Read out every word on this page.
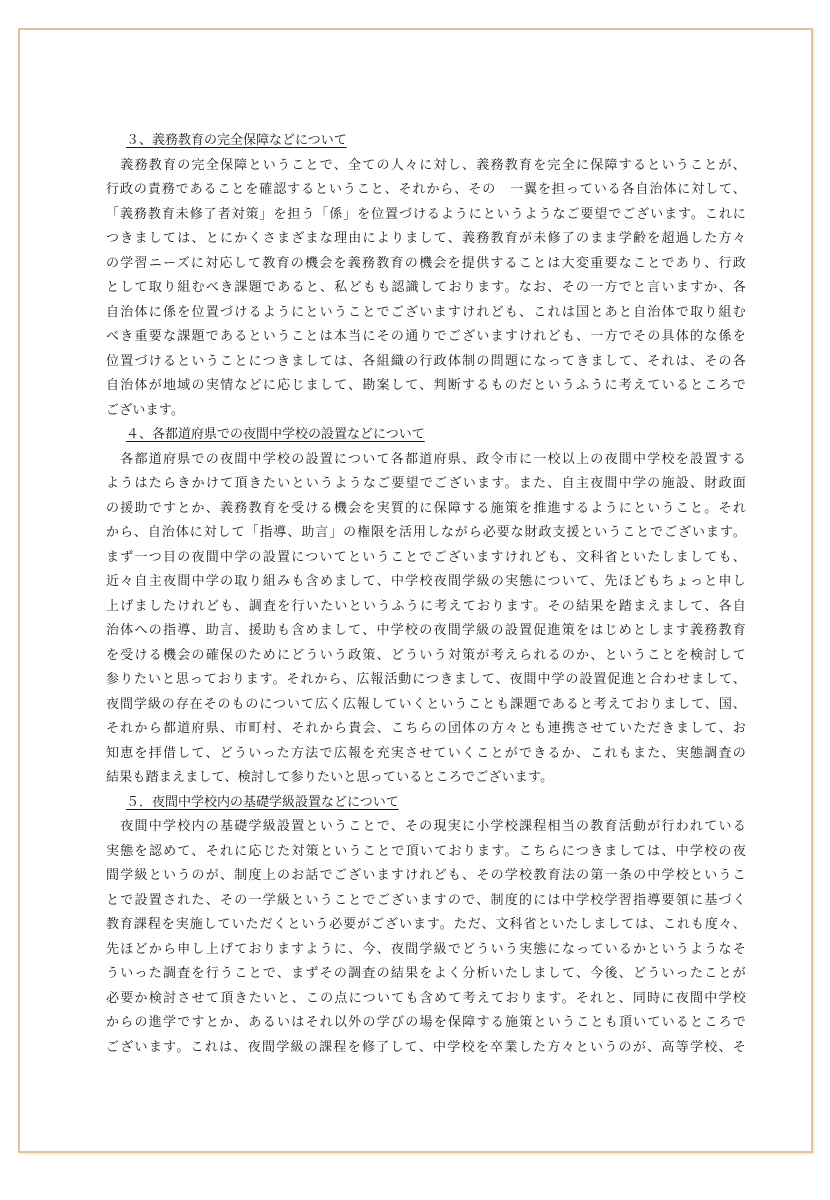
３、義務教育の完全保障などについて
　義務教育の完全保障ということで、全ての人々に対し、義務教育を完全に保障するということが、
行政の責務であることを確認するということ、それから、その　一翼を担っている各自治体に対して、
「義務教育未修了者対策」を担う「係」を位置づけるようにというようなご要望でございます。これに
つきましては、とにかくさまざまな理由によりまして、義務教育が未修了のまま学齢を超過した方々
の学習ニーズに対応して教育の機会を義務教育の機会を提供することは大変重要なことであり、行政
として取り組むべき課題であると、私どもも認識しております。なお、その一方でと言いますか、各
自治体に係を位置づけるようにということでございますけれども、これは国とあと自治体で取り組む
べき重要な課題であるということは本当にその通りでございますけれども、一方でその具体的な係を
位置づけるということにつきましては、各組織の行政体制の問題になってきまして、それは、その各
自治体が地域の実情などに応じまして、勘案して、判断するものだというふうに考えているところで
ございます。
４、各都道府県での夜間中学校の設置などについて
　各都道府県での夜間中学校の設置について各都道府県、政令市に一校以上の夜間中学校を設置する
ようはたらきかけて頂きたいというようなご要望でございます。また、自主夜間中学の施設、財政面
の援助ですとか、義務教育を受ける機会を実質的に保障する施策を推進するようにということ。それ
から、自治体に対して「指導、助言」の権限を活用しながら必要な財政支援ということでございます。
まず一つ目の夜間中学の設置についてということでございますけれども、文科省といたしましても、
近々自主夜間中学の取り組みも含めまして、中学校夜間学級の実態について、先ほどもちょっと申し
上げましたけれども、調査を行いたいというふうに考えております。その結果を踏まえまして、各自
治体への指導、助言、援助も含めまして、中学校の夜間学級の設置促進策をはじめとします義務教育
を受ける機会の確保のためにどういう政策、どういう対策が考えられるのか、ということを検討して
参りたいと思っております。それから、広報活動につきまして、夜間中学の設置促進と合わせまして、
夜間学級の存在そのものについて広く広報していくということも課題であると考えておりまして、国、
それから都道府県、市町村、それから貴会、こちらの団体の方々とも連携させていただきまして、お
知恵を拝借して、どういった方法で広報を充実させていくことができるか、これもまた、実態調査の
結果も踏まえまして、検討して参りたいと思っているところでございます。
５．夜間中学校内の基礎学級設置などについて
　夜間中学校内の基礎学級設置ということで、その現実に小学校課程相当の教育活動が行われている
実態を認めて、それに応じた対策ということで頂いております。こちらにつきましては、中学校の夜
間学級というのが、制度上のお話でございますけれども、その学校教育法の第一条の中学校というこ
とで設置された、その一学級ということでございますので、制度的には中学校学習指導要領に基づく
教育課程を実施していただくという必要がございます。ただ、文科省といたしましては、これも度々、
先ほどから申し上げておりますように、今、夜間学級でどういう実態になっているかというようなそ
ういった調査を行うことで、まずその調査の結果をよく分析いたしまして、今後、どういったことが
必要か検討させて頂きたいと、この点についても含めて考えております。それと、同時に夜間中学校
からの進学ですとか、あるいはそれ以外の学びの場を保障する施策ということも頂いているところで
ございます。これは、夜間学級の課程を修了して、中学校を卒業した方々というのが、高等学校、そ
